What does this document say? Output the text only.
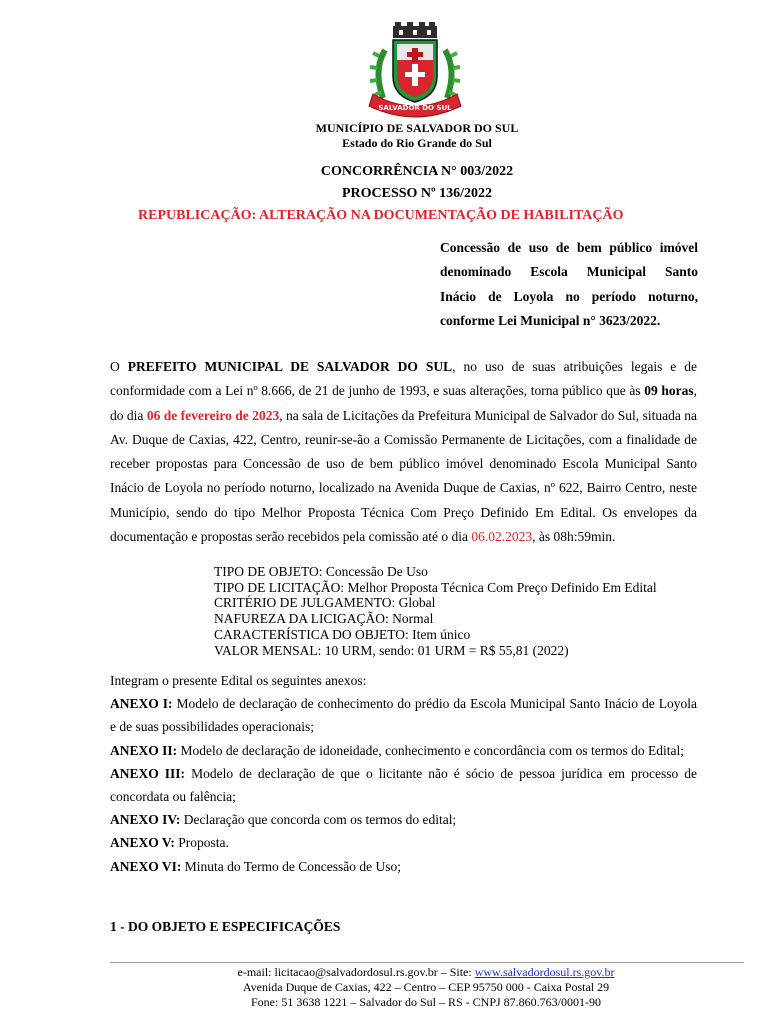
SALVADOR DO SUL
MUNICÍPIO DE SALVADOR DO SUL
Estado do Rio Grande do Sul
CONCORRÊNCIA N° 003/2022
PROCESSO Nº 136/2022
REPUBLICAÇÃO: ALTERAÇÃO NA DOCUMENTAÇÃO DE HABILITAÇÃO
Concessão de uso de bem público imóvel
denominado Escola Municipal Santo
Inácio de Loyola no período noturno,
conforme Lei Municipal n° 3623/2022.

O PREFEITO MUNICIPAL DE SALVADOR DO SUL, no uso de suas atribuições legais e de conformidade com a Lei nº 8.666, de 21 de junho de 1993, e suas alterações, torna público que às 09 horas, do dia 06 de fevereiro de 2023, na sala de Licitações da Prefeitura Municipal de Salvador do Sul, situada na Av. Duque de Caxias, 422, Centro, reunir-se-ão a Comissão Permanente de Licitações, com a finalidade de receber propostas para Concessão de uso de bem público imóvel denominado Escola Municipal Santo Inácio de Loyola no período noturno, localizado na Avenida Duque de Caxias, nº 622, Bairro Centro, neste Município, sendo do tipo Melhor Proposta Técnica Com Preço Definido Em Edital. Os envelopes da documentação e propostas serão recebidos pela comissão até o dia 06.02.2023, às 08h:59min.

TIPO DE OBJETO: Concessão De Uso
TIPO DE LICITAÇÃO: Melhor Proposta Técnica Com Preço Definido Em Edital
CRITÉRIO DE JULGAMENTO: Global
NAFUREZA DA LICIGAÇÃO: Normal
CARACTERÍSTICA DO OBJETO: Item único
VALOR MENSAL: 10 URM, sendo: 01 URM = R$ 55,81 (2022)

Integram o presente Edital os seguintes anexos:

ANEXO I: Modelo de declaração de conhecimento do prédio da Escola Municipal Santo Inácio de Loyola e de suas possibilidades operacionais;

ANEXO II: Modelo de declaração de idoneidade, conhecimento e concordância com os termos do Edital;

ANEXO III: Modelo de declaração de que o licitante não é sócio de pessoa jurídica em processo de concordata ou falência;

ANEXO IV: Declaração que concorda com os termos do edital;

ANEXO V: Proposta.

ANEXO VI: Minuta do Termo de Concessão de Uso;

1 - DO OBJETO E ESPECIFICAÇÕES
e-mail: licitacao@salvadordosul.rs.gov.br – Site: www.salvadordosul.rs.gov.br
Avenida Duque de Caxias, 422 – Centro – CEP 95750 000 - Caixa Postal 29
Fone: 51 3638 1221 – Salvador do Sul – RS - CNPJ 87.860.763/0001-90
